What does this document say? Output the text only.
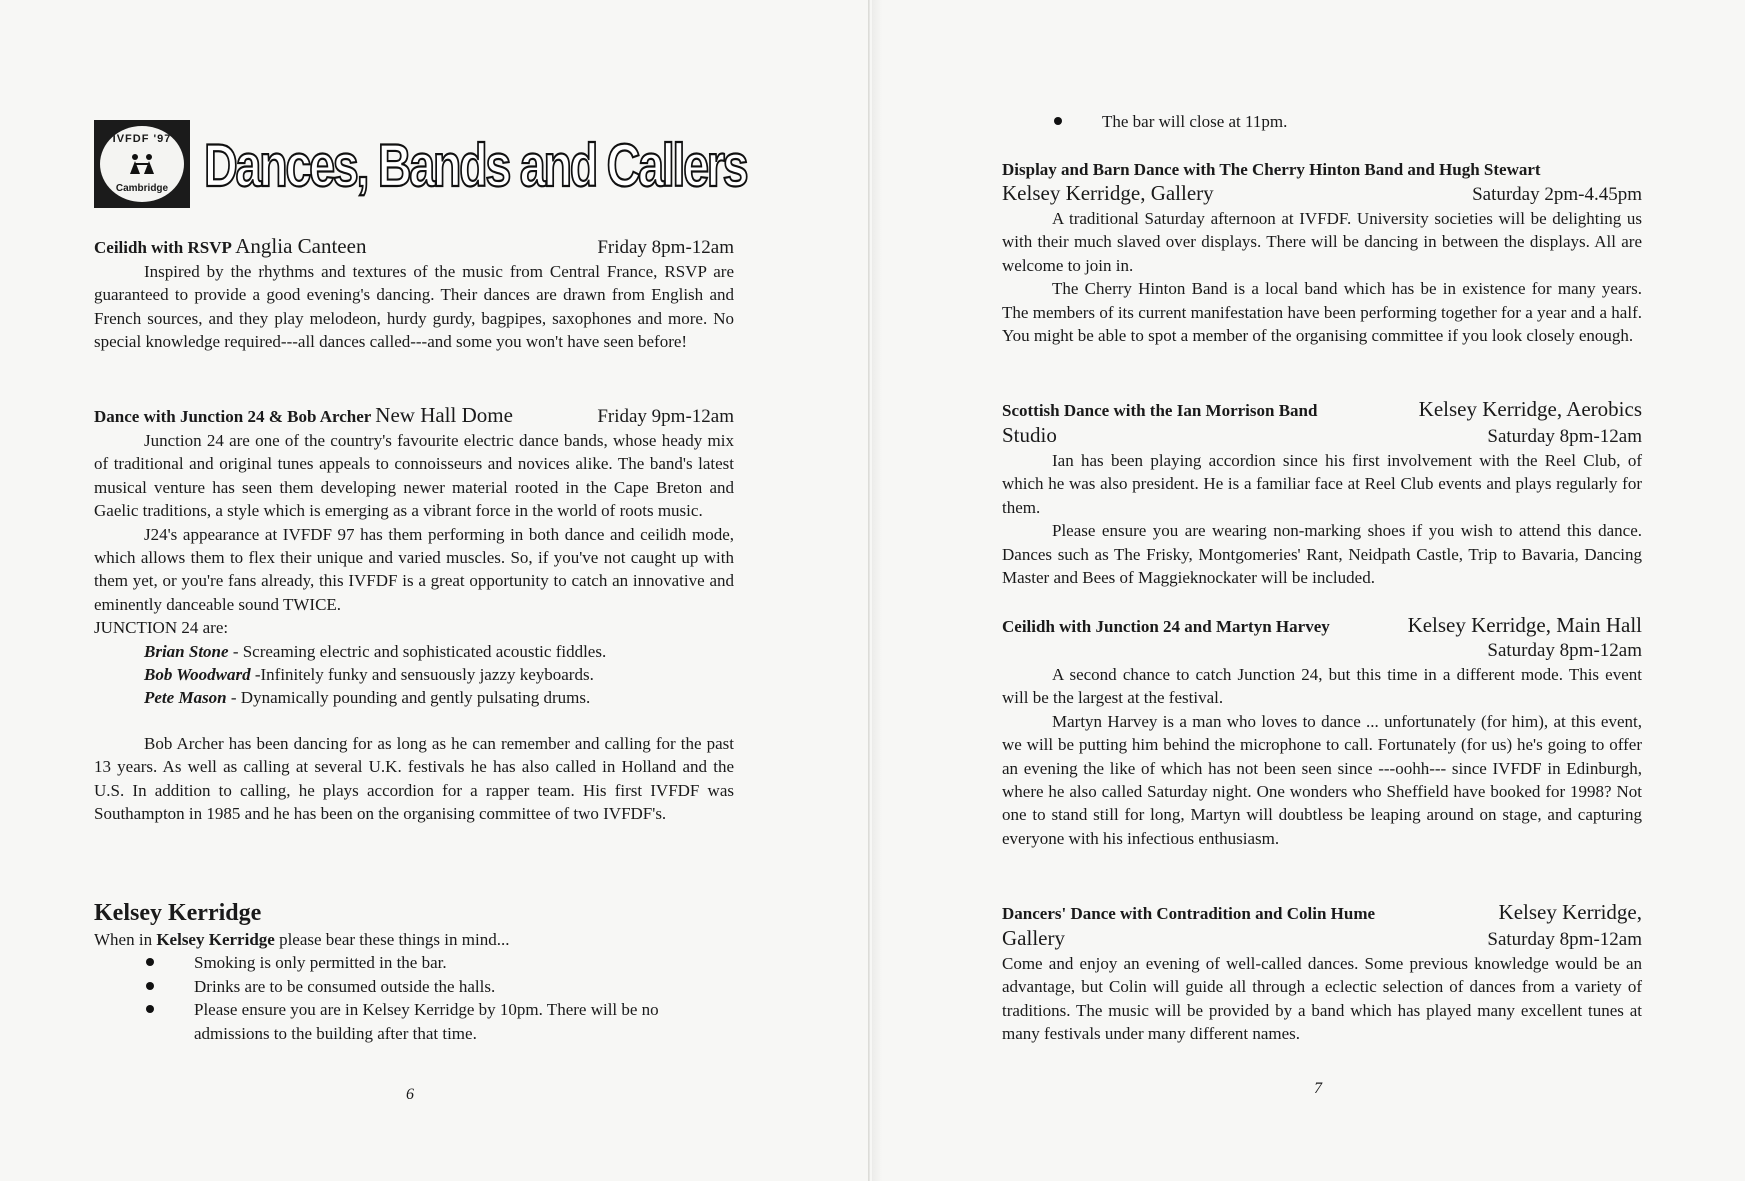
IVFDF '97
Cambridge Dances, Bands and Callers
Ceilidh with RSVP Anglia Canteen	Friday 8pm-12am

Inspired by the rhythms and textures of the music from Central France, RSVP are guaranteed to provide a good evening's dancing. Their dances are drawn from English and French sources, and they play melodeon, hurdy gurdy, bagpipes, saxophones and more. No special knowledge required---all dances called---and some you won't have seen before!

Dance with Junction 24 & Bob Archer New Hall Dome	Friday 9pm-12am

Junction 24 are one of the country's favourite electric dance bands, whose heady mix of traditional and original tunes appeals to connoisseurs and novices alike. The band's latest musical venture has seen them developing newer material rooted in the Cape Breton and Gaelic traditions, a style which is emerging as a vibrant force in the world of roots music.

J24's appearance at IVFDF 97 has them performing in both dance and ceilidh mode, which allows them to flex their unique and varied muscles. So, if you've not caught up with them yet, or you're fans already, this IVFDF is a great opportunity to catch an innovative and eminently danceable sound TWICE.

JUNCTION 24 are:
Brian Stone - Screaming electric and sophisticated acoustic fiddles.
Bob Woodward -Infinitely funky and sensuously jazzy keyboards.
Pete Mason - Dynamically pounding and gently pulsating drums.

Bob Archer has been dancing for as long as he can remember and calling for the past 13 years. As well as calling at several U.K. festivals he has also called in Holland and the U.S. In addition to calling, he plays accordion for a rapper team. His first IVFDF was Southampton in 1985 and he has been on the organising committee of two IVFDF's.

Kelsey Kerridge
When in Kelsey Kerridge please bear these things in mind...
Smoking is only permitted in the bar.
Drinks are to be consumed outside the halls.
Please ensure you are in Kelsey Kerridge by 10pm. There will be no admissions to the building after that time.
6
The bar will close at 11pm.
Display and Barn Dance with The Cherry Hinton Band and Hugh Stewart
Kelsey Kerridge, Gallery	Saturday 2pm-4.45pm

A traditional Saturday afternoon at IVFDF. University societies will be delighting us with their much slaved over displays. There will be dancing in between the displays. All are welcome to join in.

The Cherry Hinton Band is a local band which has be in existence for many years. The members of its current manifestation have been performing together for a year and a half. You might be able to spot a member of the organising committee if you look closely enough.

Scottish Dance with the Ian Morrison Band	Kelsey Kerridge, Aerobics
Studio	Saturday 8pm-12am

Ian has been playing accordion since his first involvement with the Reel Club, of which he was also president. He is a familiar face at Reel Club events and plays regularly for them.

Please ensure you are wearing non-marking shoes if you wish to attend this dance. Dances such as The Frisky, Montgomeries' Rant, Neidpath Castle, Trip to Bavaria, Dancing Master and Bees of Maggieknockater will be included.

Ceilidh with Junction 24 and Martyn Harvey	Kelsey Kerridge, Main Hall
Saturday 8pm-12am

A second chance to catch Junction 24, but this time in a different mode. This event will be the largest at the festival.

Martyn Harvey is a man who loves to dance ... unfortunately (for him), at this event, we will be putting him behind the microphone to call. Fortunately (for us) he's going to offer an evening the like of which has not been seen since ---oohh--- since IVFDF in Edinburgh, where he also called Saturday night. One wonders who Sheffield have booked for 1998? Not one to stand still for long, Martyn will doubtless be leaping around on stage, and capturing everyone with his infectious enthusiasm.

Dancers' Dance with Contradition and Colin Hume	Kelsey Kerridge,
Gallery	Saturday 8pm-12am

Come and enjoy an evening of well-called dances. Some previous knowledge would be an advantage, but Colin will guide all through a eclectic selection of dances from a variety of traditions. The music will be provided by a band which has played many excellent tunes at many festivals under many different names.

7
